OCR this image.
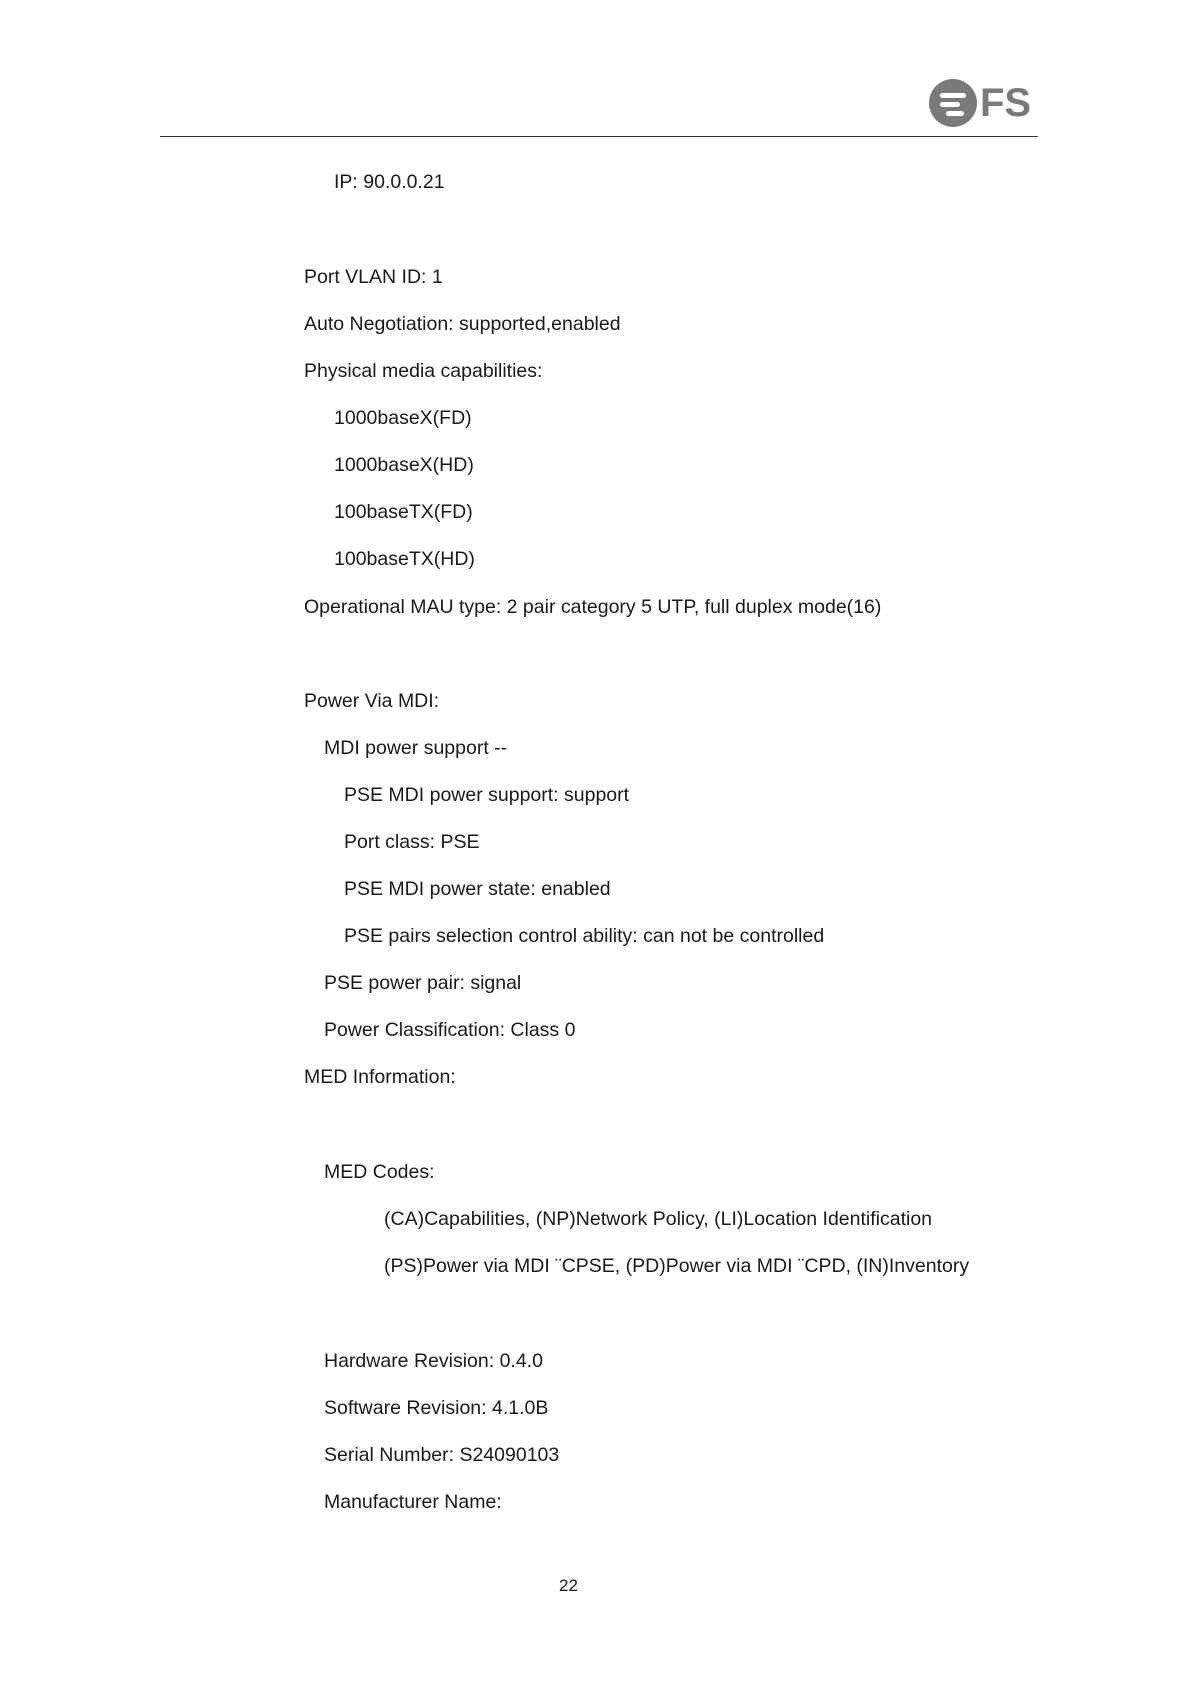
FS
IP: 90.0.0.21
Port VLAN ID: 1
Auto Negotiation: supported,enabled
Physical media capabilities:
1000baseX(FD)
1000baseX(HD)
100baseTX(FD)
100baseTX(HD)
Operational MAU type: 2 pair category 5 UTP, full duplex mode(16)
Power Via MDI:
MDI power support --
PSE MDI power support: support
Port class: PSE
PSE MDI power state: enabled
PSE pairs selection control ability: can not be controlled
PSE power pair: signal
Power Classification: Class 0
MED Information:
MED Codes:
(CA)Capabilities, (NP)Network Policy, (LI)Location Identification
(PS)Power via MDI ¨CPSE, (PD)Power via MDI ¨CPD, (IN)Inventory
Hardware Revision: 0.4.0
Software Revision: 4.1.0B
Serial Number: S24090103
Manufacturer Name:
22
